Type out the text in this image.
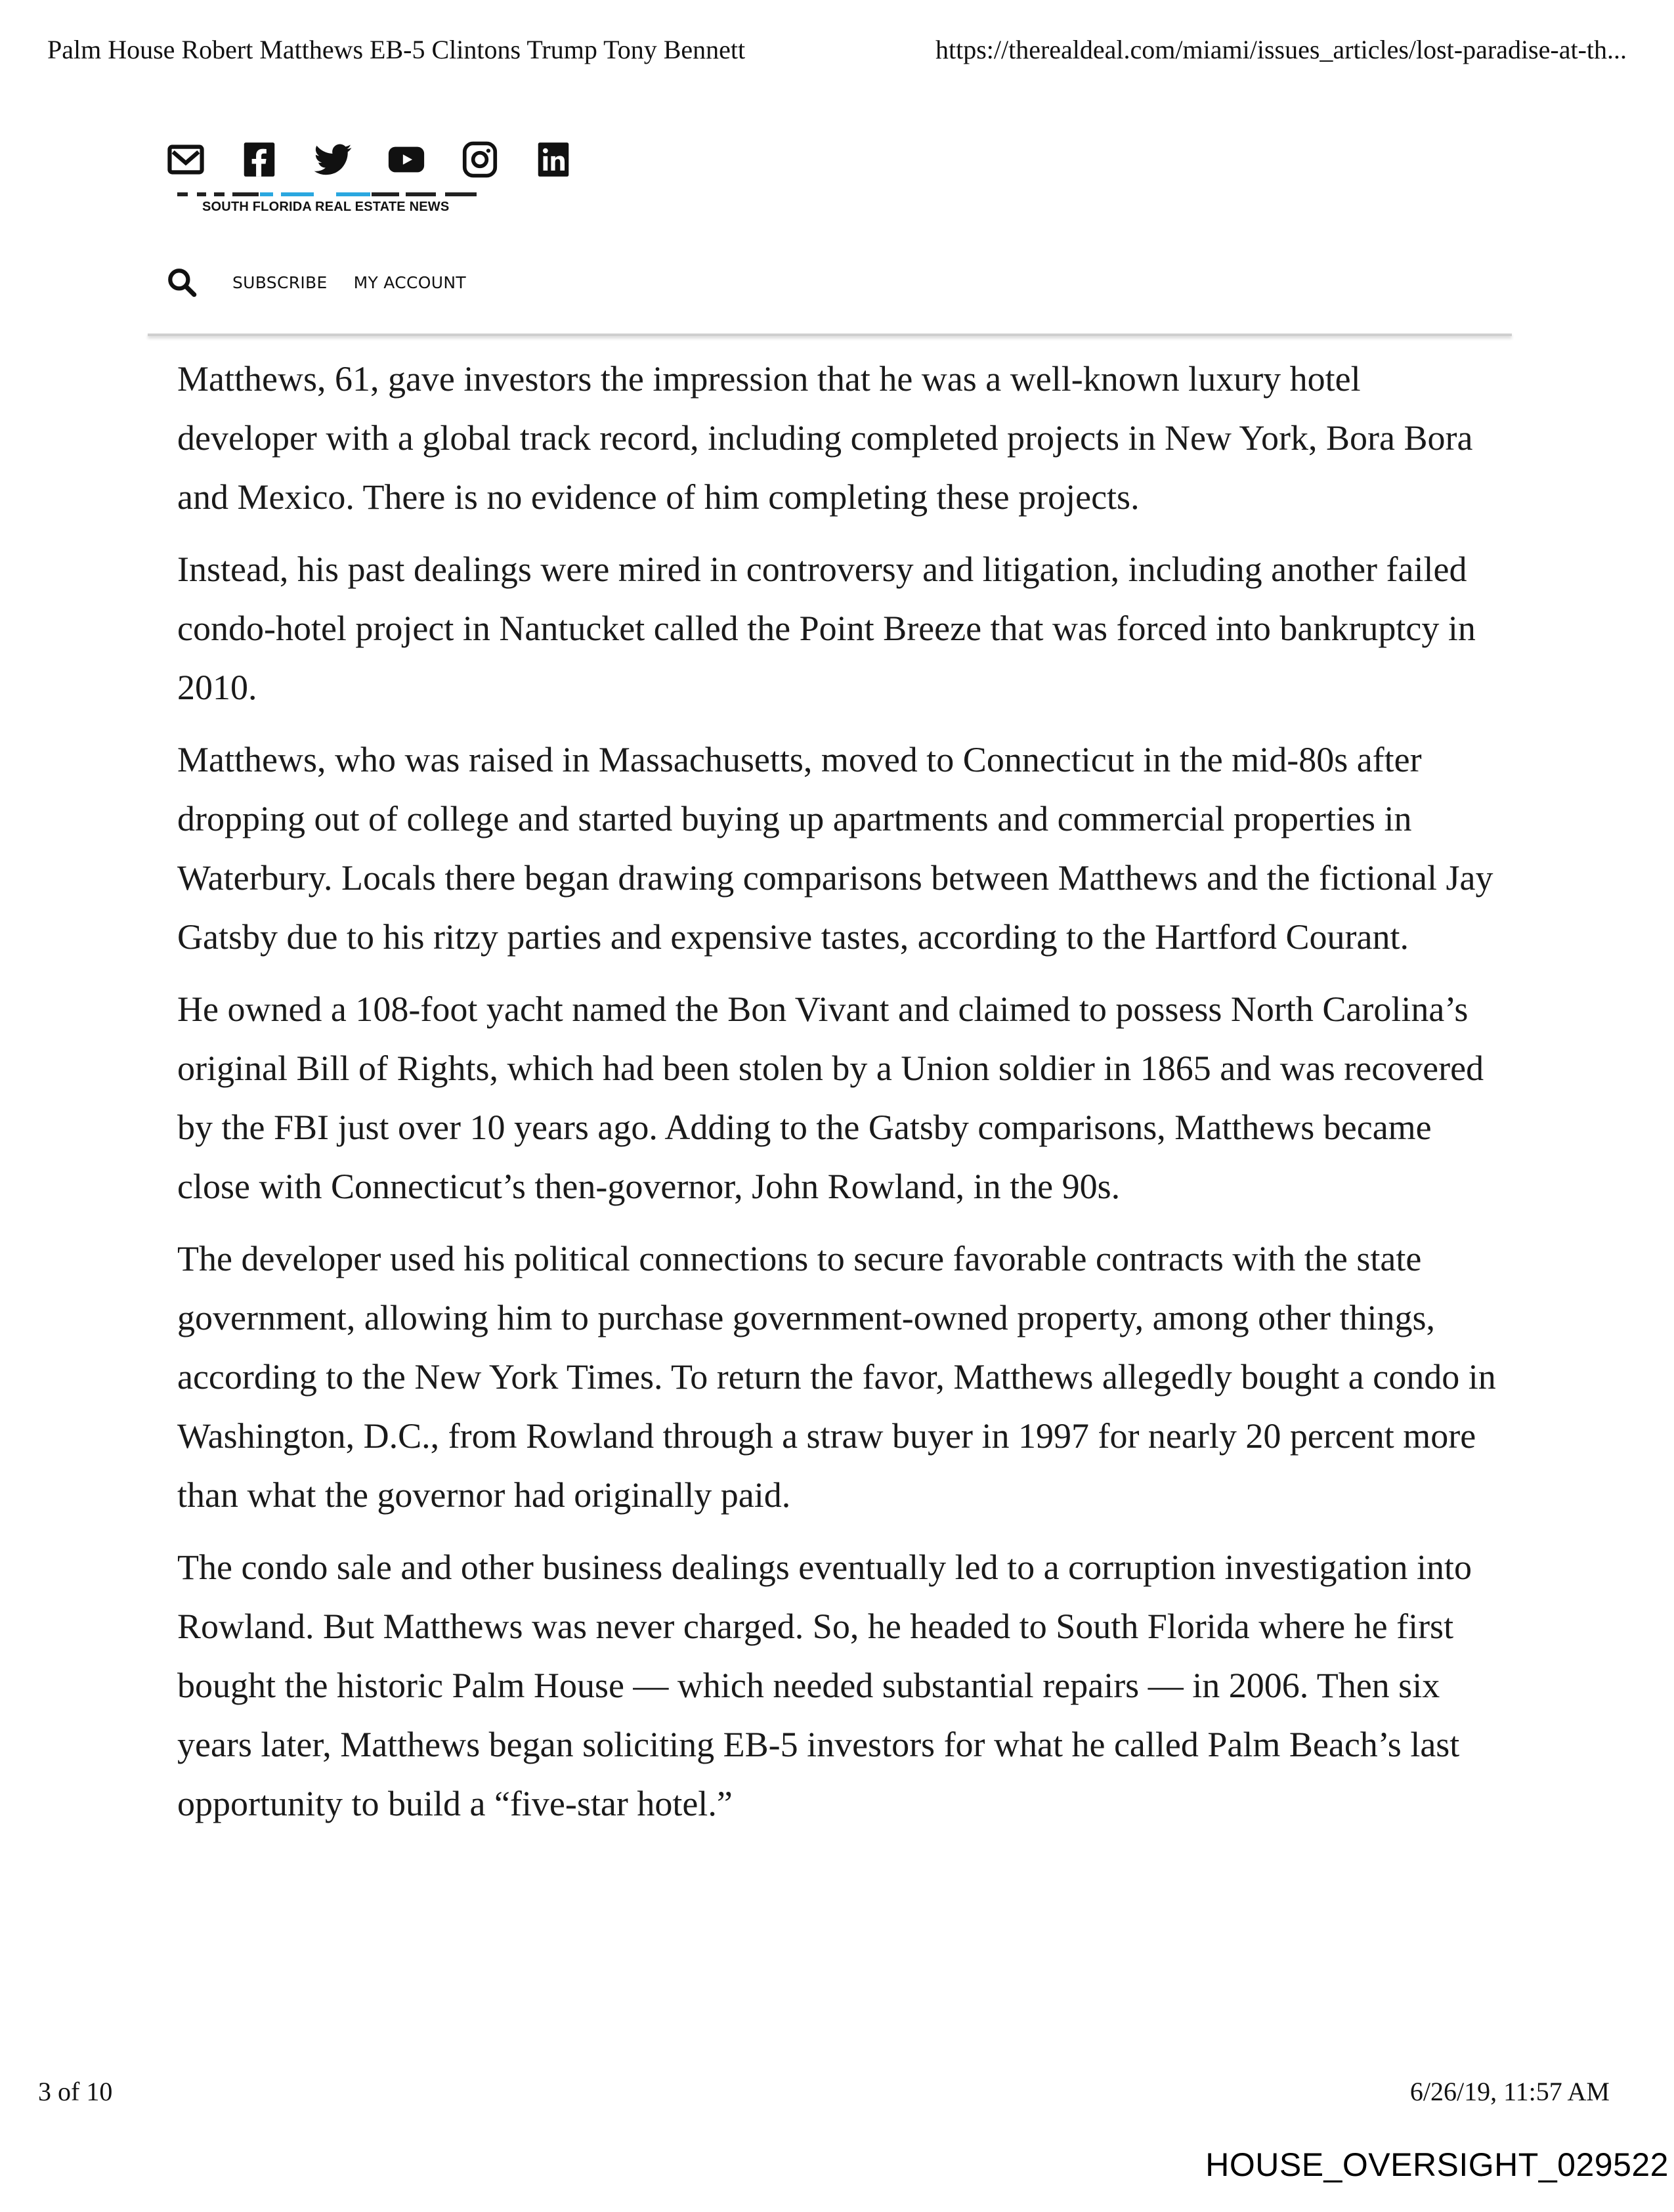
Palm House Robert Matthews EB-5 Clintons Trump Tony Bennett	https://therealdeal.com/miami/issues_articles/lost-paradise-at-th...
SOUTH FLORIDA REAL ESTATE NEWS
SUBSCRIBE MY ACCOUNT

Matthews, 61, gave investors the impression that he was a well-known luxury hotel developer with a global track record, including completed projects in New York, Bora Bora and Mexico. There is no evidence of him completing these projects.

Instead, his past dealings were mired in controversy and litigation, including another failed condo-hotel project in Nantucket called the Point Breeze that was forced into bankruptcy in 2010.

Matthews, who was raised in Massachusetts, moved to Connecticut in the mid-80s after dropping out of college and started buying up apartments and commercial properties in Waterbury. Locals there began drawing comparisons between Matthews and the fictional Jay Gatsby due to his ritzy parties and expensive tastes, according to the Hartford Courant.

He owned a 108-foot yacht named the Bon Vivant and claimed to possess North Carolina’s original Bill of Rights, which had been stolen by a Union soldier in 1865 and was recovered by the FBI just over 10 years ago. Adding to the Gatsby comparisons, Matthews became close with Connecticut’s then-governor, John Rowland, in the 90s.

The developer used his political connections to secure favorable contracts with the state government, allowing him to purchase government-owned property, among other things, according to the New York Times. To return the favor, Matthews allegedly bought a condo in Washington, D.C., from Rowland through a straw buyer in 1997 for nearly 20 percent more than what the governor had originally paid.

The condo sale and other business dealings eventually led to a corruption investigation into Rowland. But Matthews was never charged. So, he headed to South Florida where he first bought the historic Palm House — which needed substantial repairs — in 2006. Then six years later, Matthews began soliciting EB-5 investors for what he called Palm Beach’s last opportunity to build a “five-star hotel.”

3 of 10	6/26/19, 11:57 AM
HOUSE_OVERSIGHT_029522
